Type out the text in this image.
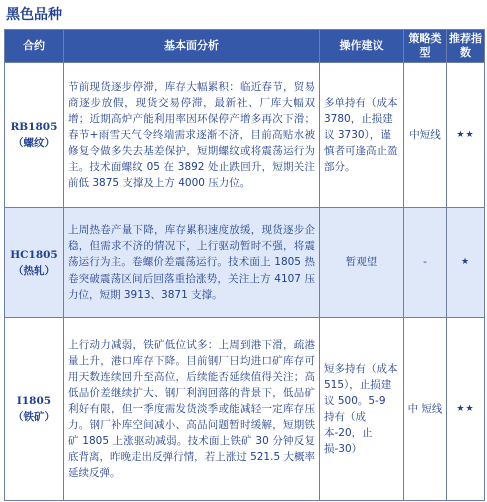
黑色品种
合约	基本面分析	操作建议	策略类型	推荐指数

RB1805
（螺纹）	节前现货逐步停滞，库存大幅累积：临近春节，贸易商逐步放假，现货交易停滞，最新社、厂库大幅双增；近期高炉产能利用率因环保停产增多再次下滑；春节+雨雪天气令终端需求逐渐不济，目前高贴水被修复令做多失去基差保护，短期螺纹或将震荡运行为主。技术面螺纹 05 在 3892 处止跌回升，短期关注前低 3875 支撑及上方 4000 压力位。	多单持有（成本 3780，止损建议 3730），谨慎者可逢高止盈部分。	中短线	★★

HC1805
（热轧）	上周热卷产量下降，库存累积速度放缓，现货逐步企稳，但需求不济的情况下，上行驱动暂时不强，将震荡运行为主。卷螺价差震荡运行。技术面上 1805 热卷突破震荡区间后回落重拾涨势，关注上方 4107 压力位，短期 3913、3871 支撑。	暂观望	-	★

I1805
（铁矿）	上行动力减弱，铁矿低位试多：上周到港下滑，疏港量上升，港口库存下降。目前钢厂日均进口矿库存可用天数连续回升至高位，后续能否延续值得关注；高低品价差继续扩大、钢厂利润回落的背景下，低品矿利好有限，但一季度需发货淡季或能减轻一定库存压力。钢厂补库空间减小、高品问题暂时缓解，短期铁矿 1805 上涨驱动减弱。技术面上铁矿 30 分钟反复底背离，昨晚走出反弹行情，若上涨过 521.5 大概率延续反弹。	短多持有（成本 515），止损建议 500。5-9 持有（成本-20，止损-30）	中 短线	★★
